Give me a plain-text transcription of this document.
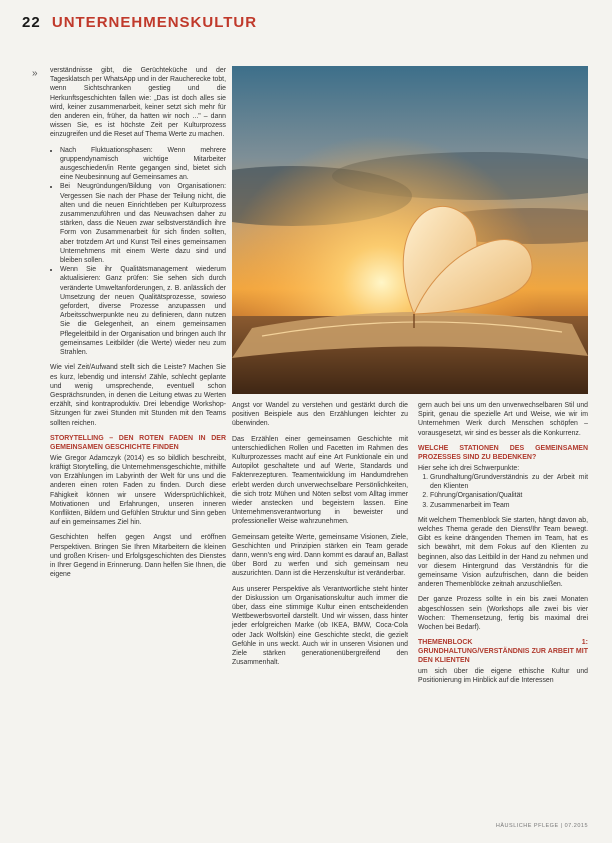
22 UNTERNEHMENSKULTUR
» verständnisse gibt, die Gerüchteküche und der Tagesklatsch per WhatsApp und in der Raucherecke tobt, wenn Sichtschranken gestieg und die Herkunftsgeschichten fallen wie: „Das ist doch alles sie wird, keiner zusammenarbeit, keiner setzt sich mehr für den anderen ein, früher, da hatten wir noch ..." – dann wissen Sie, es ist höchste Zeit per Kulturprozess einzugreifen und die Reset auf Thema Werte zu machen.

• Nach Fluktuationsphasen: Wenn mehrere gruppendynamisch wichtige Mitarbeiter ausgeschieden/in Rente gegangen sind, bietet sich eine Neubesinnung auf Gemeinsames an.
• Bei Neugründungen/Bildung von Organisationen: Vergessen Sie nach der Phase der Teilung nicht, die alten und die neuen Einrichtleben per Kulturprozess zusammenzuführen und das Neuwachsen daher zu stärken, dass die Neuen zwar selbstverständlich ihre Form von Zusammenarbeit für sich finden sollten, aber trotzdem Art und Kunst Teil eines gemeinsamen Unternehmens mit einem Werte dazu sind und bleiben sollen.
• Wenn Sie ihr Qualitätsmanagement wiederum aktualisieren: Ganz prüfen: Sie sehen sich durch veränderte Umweltanforderungen, z. B. anlässlich der Umsetzung der neuen Qualitätsprozesse, sowieso gefordert, diverse Prozesse anzupassen und Arbeitsschwerpunkte neu zu definieren, dann nutzen Sie die Gelegenheit, an einem gemeinsamen Pflegeleitbild in der Organisation und bringen auch Ihr gemeinsames Leitbilder (die Werte) wieder neu zum Strahlen.

Wie viel Zeit/Aufwand stellt sich die Leiste? Machen Sie es kurz, lebendig und intensiv! Zähle, schlecht geplante und wenig umsprechende, eventuell schon Gesprächsrunden, in denen die Leitung etwas zu Werten erzählt, sind kontraproduktiv. Drei lebendige Workshop-Sitzungen für zwei Stunden mit Stunden mit den Teams sollten reichen.

STORYTELLING – DEN ROTEN FADEN IN DER GEMEINSAMEN GESCHICHTE FINDEN

Wie Gregor Adamczyk (2014) es so bildlich beschreibt, kräftigt Storytelling, die Unternehmensgeschichte, mithilfe von Erzählungen im Labyrinth der Welt für uns und die anderen einen roten Faden zu finden. Durch diese Fähigkeit können wir unsere Widersprüchlichkeit, Motivationen und Erfahrungen, unseren inneren Konflikten, Bildern und Gefühlen Struktur und Sinn geben auf ein gemeinsames Ziel hin.

Geschichten helfen gegen Angst und eröffnen Perspektiven. Bringen Sie Ihren Mitarbeitern die kleinen und großen Krisen- und Erfolgsgeschichten des Dienstes in Ihrer Gegend in Erinnerung. Dann helfen Sie Ihnen, die eigene

Angst vor Wandel zu verstehen und gestärkt durch die positiven Beispiele aus den Erzählungen leichter zu überwinden.

Das Erzählen einer gemeinsamen Geschichte mit unterschiedlichen Rollen und Facetten im Rahmen des Kulturprozesses macht auf eine Art Funktionale ein und Autopilot geschaltete und auf Werte, Standards und Faktenrezepturen. Teamentwicklung im Handumdrehen erlebt werden durch unverwechselbare Persönlichkeiten, die sich trotz Mühen und Nöten selbst vom Alltag immer wieder anstecken und begeistern lassen. Eine Unternehmensverantwortung in beweister und professioneller Weise wahrzunehmen.

Gemeinsam geteilte Werte, gemeinsame Visionen, Ziele, Geschichten und Prinzipien stärken ein Team gerade dann, wenn's eng wird. Dann kommt es darauf an, Ballast über Bord zu werfen und sich gemeinsam neu auszurichten. Dann ist die Herzenskultur ist veränderbar.

Aus unserer Perspektive als Verantwortliche steht hinter der Diskussion um Organisationskultur auch immer die über, dass eine stimmige Kultur einen entscheidenden Wettbewerbsvorteil darstellt. Und wir wissen, dass hinter jeder erfolgreichen Marke (ob IKEA, BMW, Coca-Cola oder Jack Wolfskin) eine Geschichte steckt, die gezielt Gefühle in uns weckt. Auch wir in unseren Visionen und Ziele stärken generationenübergreifend den Zusammenhalt.

gern auch bei uns um den unverwechselbaren Stil und Spirit, genau die spezielle Art und Weise, wie wir im Unternehmen Werk durch Menschen schöpfen – vorausgesetzt, wir sind es besser als die Konkurrenz.

WELCHE STATIONEN DES GEMEINSAMEN PROZESSES SIND ZU BEDENKEN?

Hier sehe ich drei Schwerpunkte:

1. Grundhaltung/Grundverständnis zu der Arbeit mit den Klienten
2. Führung/Organisation/Qualität
3. Zusammenarbeit im Team

Mit welchem Themenblock Sie starten, hängt davon ab, welches Thema gerade den Dienst/Ihr Team bewegt. Gibt es keine drängenden Themen im Team, hat es sich bewährt, mit dem Fokus auf den Klienten zu beginnen, also das Leitbild in der Hand zu nehmen und vor diesem Hintergrund das Verständnis für die gemeinsame Vision aufzufrischen, dann die beiden anderen Themenblöcke zeitnah anzuschließen.

Der ganze Prozess sollte in ein bis zwei Monaten abgeschlossen sein (Workshops alle zwei bis vier Wochen: Themensetzung, fertig bis maximal drei Wochen bei Bedarf).

THEMENBLOCK 1: GRUNDHALTUNG/VERSTÄNDNIS ZUR ARBEIT MIT DEN KLIENTEN

um sich über die eigene ethische Kultur und Positionierung im Hinblick auf die Interessen

HÄUSLICHE PFLEGE | 07.2015
